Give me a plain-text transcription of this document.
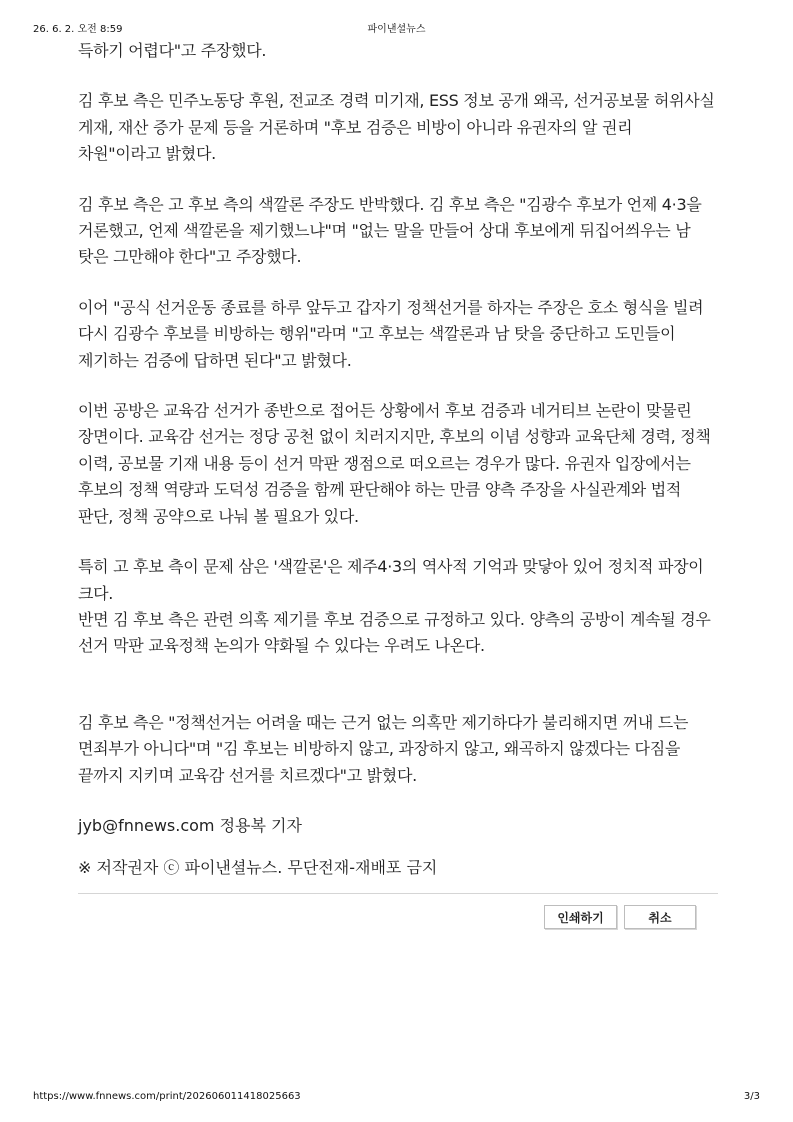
26. 6. 2. 오전 8:59	파이낸셜뉴스

득하기 어렵다"고 주장했다.

김 후보 측은 민주노동당 후원, 전교조 경력 미기재, ESS 정보 공개 왜곡, 선거공보물 허위사실 게재, 재산 증가 문제 등을 거론하며 "후보 검증은 비방이 아니라 유권자의 알 권리 차원"이라고 밝혔다.

김 후보 측은 고 후보 측의 색깔론 주장도 반박했다. 김 후보 측은 "김광수 후보가 언제 4·3을 거론했고, 언제 색깔론을 제기했느냐"며 "없는 말을 만들어 상대 후보에게 뒤집어씌우는 남 탓은 그만해야 한다"고 주장했다.

이어 "공식 선거운동 종료를 하루 앞두고 갑자기 정책선거를 하자는 주장은 호소 형식을 빌려 다시 김광수 후보를 비방하는 행위"라며 "고 후보는 색깔론과 남 탓을 중단하고 도민들이 제기하는 검증에 답하면 된다"고 밝혔다.

이번 공방은 교육감 선거가 종반으로 접어든 상황에서 후보 검증과 네거티브 논란이 맞물린 장면이다. 교육감 선거는 정당 공천 없이 치러지지만, 후보의 이념 성향과 교육단체 경력, 정책 이력, 공보물 기재 내용 등이 선거 막판 쟁점으로 떠오르는 경우가 많다. 유권자 입장에서는 후보의 정책 역량과 도덕성 검증을 함께 판단해야 하는 만큼 양측 주장을 사실관계와 법적 판단, 정책 공약으로 나눠 볼 필요가 있다.

특히 고 후보 측이 문제 삼은 '색깔론'은 제주4·3의 역사적 기억과 맞닿아 있어 정치적 파장이 크다.

반면 김 후보 측은 관련 의혹 제기를 후보 검증으로 규정하고 있다. 양측의 공방이 계속될 경우 선거 막판 교육정책 논의가 약화될 수 있다는 우려도 나온다.

김 후보 측은 "정책선거는 어려울 때는 근거 없는 의혹만 제기하다가 불리해지면 꺼내 드는 면죄부가 아니다"며 "김 후보는 비방하지 않고, 과장하지 않고, 왜곡하지 않겠다는 다짐을 끝까지 지키며 교육감 선거를 치르겠다"고 밝혔다.

jyb@fnnews.com 정용복 기자

※ 저작권자 ⓒ 파이낸셜뉴스. 무단전재-재배포 금지

인쇄하기	취소
https://www.fnnews.com/print/202606011418025663	3/3
